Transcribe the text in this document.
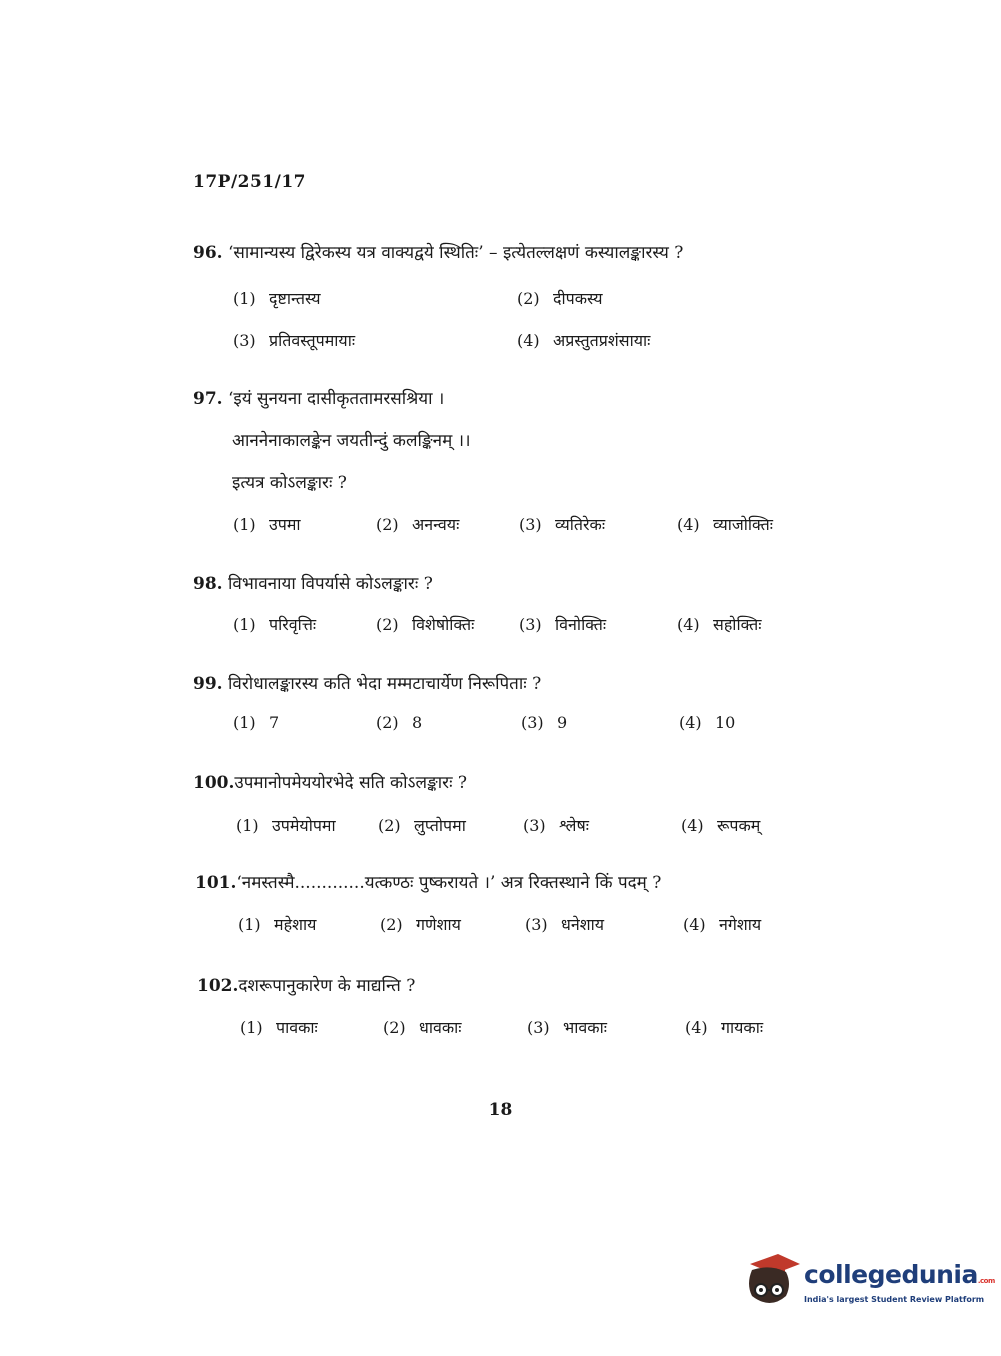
17P/251/17
96. ‘सामान्यस्य द्विरेकस्य यत्र वाक्यद्वये स्थितिः’ – इत्येतल्लक्षणं कस्यालङ्कारस्य ?
(1) दृष्टान्तस्य	(2) दीपकस्य
(3) प्रतिवस्तूपमायाः	(4) अप्रस्तुतप्रशंसायाः
97. ‘इयं सुनयना दासीकृततामरसश्रिया ।
आननेनाकालङ्केन जयतीन्दुं कलङ्किनम् ।।
इत्यत्र कोऽलङ्कारः ?
(1) उपमा	(2) अनन्वयः	(3) व्यतिरेकः	(4) व्याजोक्तिः
98. विभावनाया विपर्यासे कोऽलङ्कारः ?
(1) परिवृत्तिः	(2) विशेषोक्तिः	(3) विनोक्तिः	(4) सहोक्तिः
99. विरोधालङ्कारस्य कति भेदा मम्मटाचार्येण निरूपिताः ?
(1) 7	(2) 8	(3) 9	(4) 10
100.उपमानोपमेययोरभेदे सति कोऽलङ्कारः ?
(1) उपमेयोपमा	(2) लुप्तोपमा	(3) श्लेषः	(4) रूपकम्
101.‘नमस्तस्मै.............यत्कण्ठः पुष्करायते ।’ अत्र रिक्तस्थाने किं पदम् ?
(1) महेशाय	(2) गणेशाय	(3) धनेशाय	(4) नगेशाय
102.दशरूपानुकारेण के माद्यन्ति ?
(1) पावकाः	(2) धावकाः	(3) भावकाः	(4) गायकाः
18
collegedunia.com
India's largest Student Review Platform
